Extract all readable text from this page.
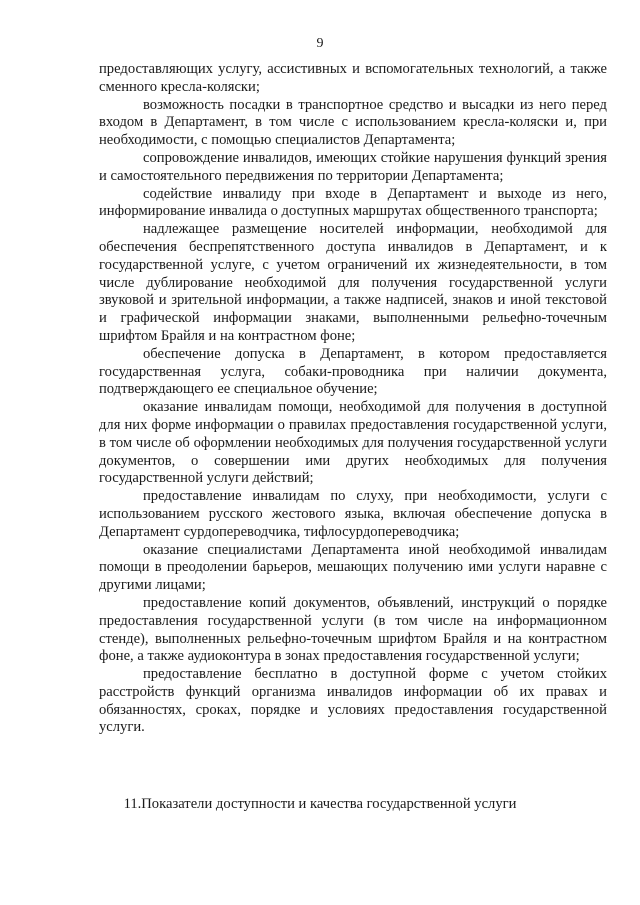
9

предоставляющих услугу, ассистивных и вспомогательных технологий, а также сменного кресла-коляски;

возможность посадки в транспортное средство и высадки из него перед входом в Департамент, в том числе с использованием кресла-коляски и, при необходимости, с помощью специалистов Департамента;

сопровождение инвалидов, имеющих стойкие нарушения функций зрения и самостоятельного передвижения по территории Департамента;

содействие инвалиду при входе в Департамент и выходе из него, информирование инвалида о доступных маршрутах общественного транспорта;

надлежащее размещение носителей информации, необходимой для обеспечения беспрепятственного доступа инвалидов в Департамент, и к государственной услуге, с учетом ограничений их жизнедеятельности, в том числе дублирование необходимой для получения государственной услуги звуковой и зрительной информации, а также надписей, знаков и иной текстовой и графической информации знаками, выполненными рельефно-точечным шрифтом Брайля и на контрастном фоне;

обеспечение допуска в Департамент, в котором предоставляется государственная услуга, собаки-проводника при наличии документа, подтверждающего ее специальное обучение;

оказание инвалидам помощи, необходимой для получения в доступной для них форме информации о правилах предоставления государственной услуги, в том числе об оформлении необходимых для получения государственной услуги документов, о совершении ими других необходимых для получения государственной услуги действий;

предоставление инвалидам по слуху, при необходимости, услуги с использованием русского жестового языка, включая обеспечение допуска в Департамент сурдопереводчика, тифлосурдопереводчика;

оказание специалистами Департамента иной необходимой инвалидам помощи в преодолении барьеров, мешающих получению ими услуги наравне с другими лицами;

предоставление копий документов, объявлений, инструкций о порядке предоставления государственной услуги (в том числе на информационном стенде), выполненных рельефно-точечным шрифтом Брайля и на контрастном фоне, а также аудиоконтура в зонах предоставления государственной услуги;

предоставление бесплатно в доступной форме с учетом стойких расстройств функций организма инвалидов информации об их правах и обязанностях, сроках, порядке и условиях предоставления государственной услуги.

11.Показатели доступности и качества государственной услуги
